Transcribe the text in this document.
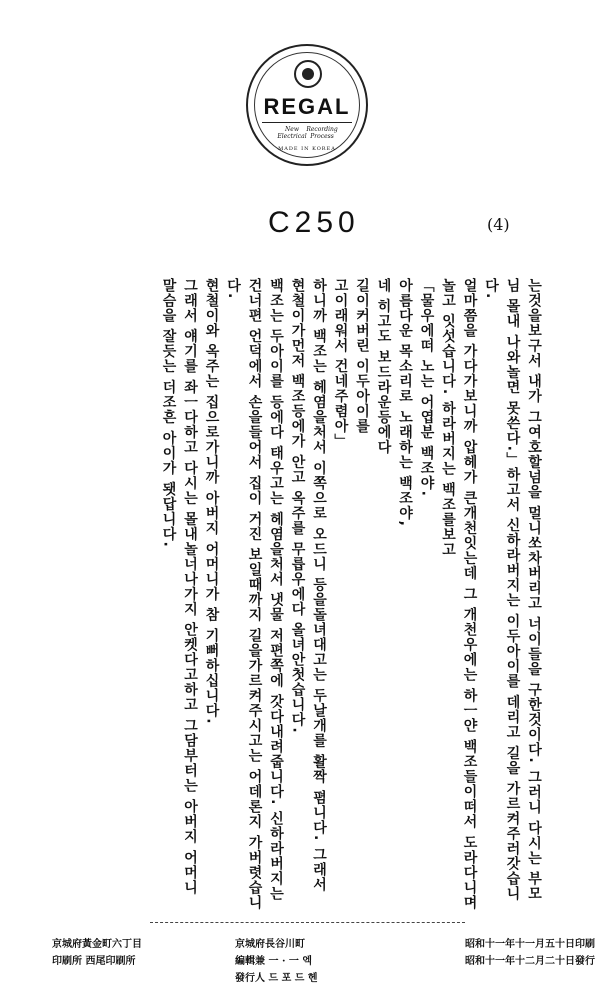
REGAL
New Electrical
Recording Process
MADE IN KOREA
C250	(4)

는것을보구서 내가 그여호할넘을 멀니쏘차버리고 너이들을 구한것이다. 그러니 다시는 부모님 몰내 나와놀면 못쓴다.」하고서 신하라버지는 이두아이를 데리고 길을 가르켜주러갓습니다.

얼마쯤을 가다가보니까 압헤가 큰개천잇는데 그 개천우에는 하ㅡ얀 백조들이떠서 도라다니며놀고 잇섯습니다. 하라버지는 백조를보고

「물우에떠 노는 어엽분 백조야.

아름다운 목소리로 노래하는 백조야,

네 히고도 보드라운등에다

길이커버린 이두아이를

고이래워서 건네주렴아」

하니까 백조는 헤염을처서 이쪽으로 오드니 등을돌녀대고는 두날개를 활짝 폄니다. 그래서 현철이가먼저 백조등에가 안고 옥주를 무릅우에다 올녀안첫습니다.

백조는 두아이를 등에다 태우고는 헤염을처서 냇물 저편쪽에 갓다내려줍니다. 신하라버지는 건너편 언덕에서 손을들어서 집이 거진 보일때까지 길을가르켜주시고는 어데론지 가버렷습니다.

현철이와 옥주는 집으로가니까 아버지 어머니가 참 기뻐하십니다.

그래서 얘기를 좌ㅡ다하고 다시는 몰내놀너나가지 안켓다고하고 그담부터는 아버지 어머니 말슴을 잘듯는 더조흔 아이가 됏답니다.

昭和十一年十一月五十日印刷
昭和十一年十二月二十日發行
京城府長谷川町
編輯兼 一 · 一 엑
發行人 드 포 드 헨
京城府黃金町六丁目
印刷所 西尾印刷所
